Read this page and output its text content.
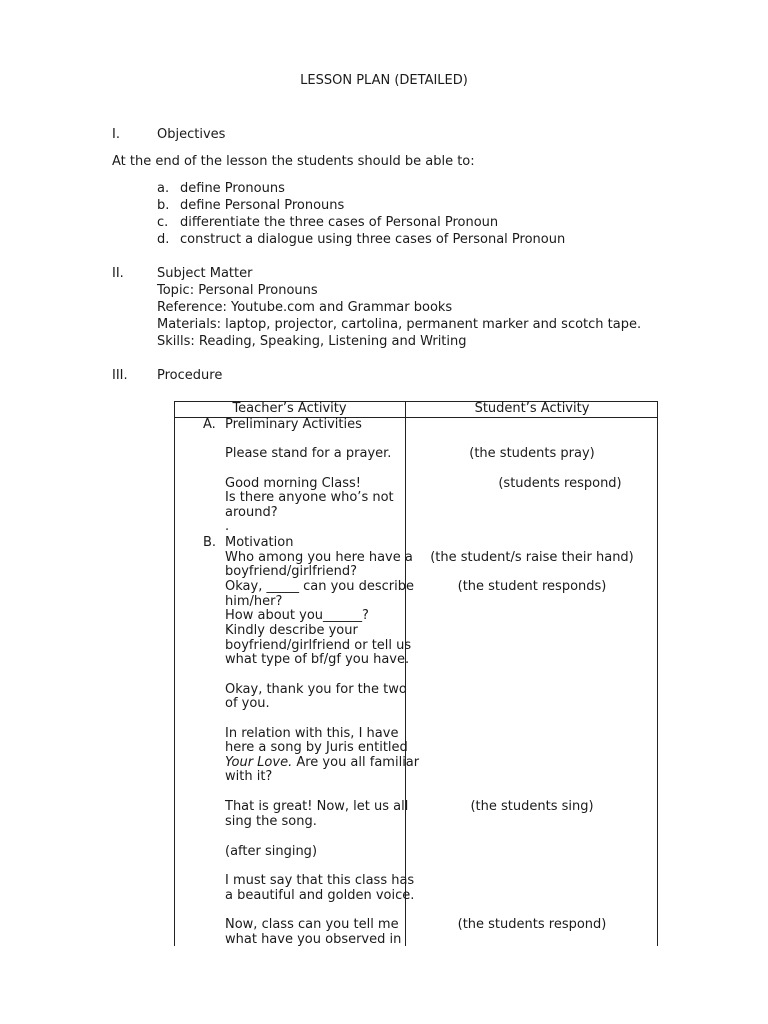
LESSON PLAN (DETAILED)
I.	Objectives
At the end of the lesson the students should be able to:
a. define Pronouns
b. define Personal Pronouns
c. differentiate the three cases of Personal Pronoun
d. construct a dialogue using three cases of Personal Pronoun
II.	Subject Matter
Topic: Personal Pronouns
Reference: Youtube.com and Grammar books
Materials: laptop, projector, cartolina, permanent marker and scotch tape.
Skills: Reading, Speaking, Listening and Writing
III. Procedure
Teacher’s Activity	Student’s Activity
A. Preliminary Activities
Please stand for a prayer.	(the students pray)
Good morning Class!	(students respond)
Is there anyone who’s not
around?
.
B. Motivation
Who among you here have a	(the student/s raise their hand)
boyfriend/girlfriend?
Okay, _____ can you describe	(the student responds)
him/her?
How about you______?
Kindly describe your
boyfriend/girlfriend or tell us
what type of bf/gf you have.
Okay, thank you for the two
of you.
In relation with this, I have
here a song by Juris entitled
Your Love. Are you all familiar
with it?
That is great! Now, let us all	(the students sing)
sing the song.
(after singing)
I must say that this class has
a beautiful and golden voice.
Now, class can you tell me	(the students respond)
what have you observed in
